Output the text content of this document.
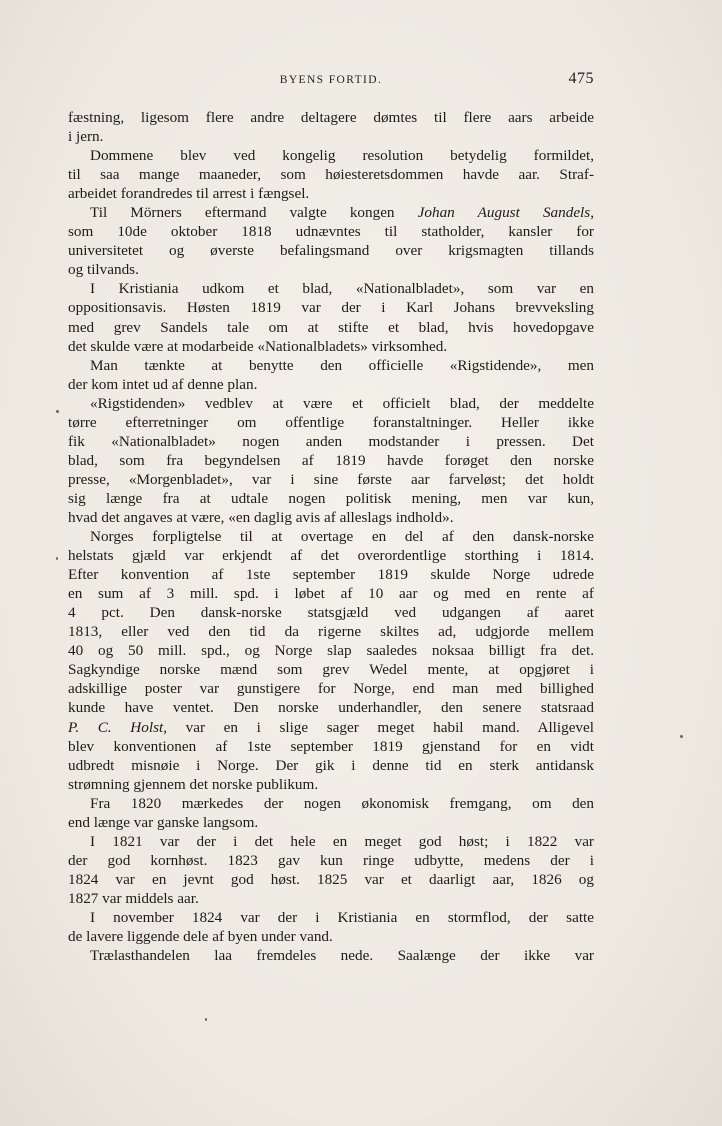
BYENS FORTID.	475
fæstning, ligesom flere andre deltagere dømtes til flere aars arbeide
i jern.
Dommene blev ved kongelig resolution betydelig formildet,
til saa mange maaneder, som høiesteretsdommen havde aar. Straf-
arbeidet forandredes til arrest i fængsel.
Til Mörners eftermand valgte kongen Johan August Sandels,
som 10de oktober 1818 udnævntes til statholder, kansler for
universitetet og øverste befalingsmand over krigsmagten tillands
og tilvands.
I Kristiania udkom et blad, «Nationalbladet», som var en
oppositionsavis. Høsten 1819 var der i Karl Johans brevveksling
med grev Sandels tale om at stifte et blad, hvis hovedopgave
det skulde være at modarbeide «Nationalbladets» virksomhed.
Man tænkte at benytte den officielle «Rigstidende», men
der kom intet ud af denne plan.
«Rigstidenden» vedblev at være et officielt blad, der meddelte
tørre efterretninger om offentlige foranstaltninger. Heller ikke
fik «Nationalbladet» nogen anden modstander i pressen. Det
blad, som fra begyndelsen af 1819 havde forøget den norske
presse, «Morgenbladet», var i sine første aar farveløst; det holdt
sig længe fra at udtale nogen politisk mening, men var kun,
hvad det angaves at være, «en daglig avis af alleslags indhold».
Norges forpligtelse til at overtage en del af den dansk-norske
helstats gjæld var erkjendt af det overordentlige storthing i 1814.
Efter konvention af 1ste september 1819 skulde Norge udrede
en sum af 3 mill. spd. i løbet af 10 aar og med en rente af
4 pct. Den dansk-norske statsgjæld ved udgangen af aaret
1813, eller ved den tid da rigerne skiltes ad, udgjorde mellem
40 og 50 mill. spd., og Norge slap saaledes noksaa billigt fra det.
Sagkyndige norske mænd som grev Wedel mente, at opgjøret i
adskillige poster var gunstigere for Norge, end man med billighed
kunde have ventet. Den norske underhandler, den senere statsraad
P. C. Holst, var en i slige sager meget habil mand. Alligevel
blev konventionen af 1ste september 1819 gjenstand for en vidt
udbredt misnøie i Norge. Der gik i denne tid en sterk antidansk
strømning gjennem det norske publikum.
Fra 1820 mærkedes der nogen økonomisk fremgang, om den
end længe var ganske langsom.
I 1821 var der i det hele en meget god høst; i 1822 var
der god kornhøst. 1823 gav kun ringe udbytte, medens der i
1824 var en jevnt god høst. 1825 var et daarligt aar, 1826 og
1827 var middels aar.
I november 1824 var der i Kristiania en stormflod, der satte
de lavere liggende dele af byen under vand.
Trælasthandelen laa fremdeles nede. Saalænge der ikke var
